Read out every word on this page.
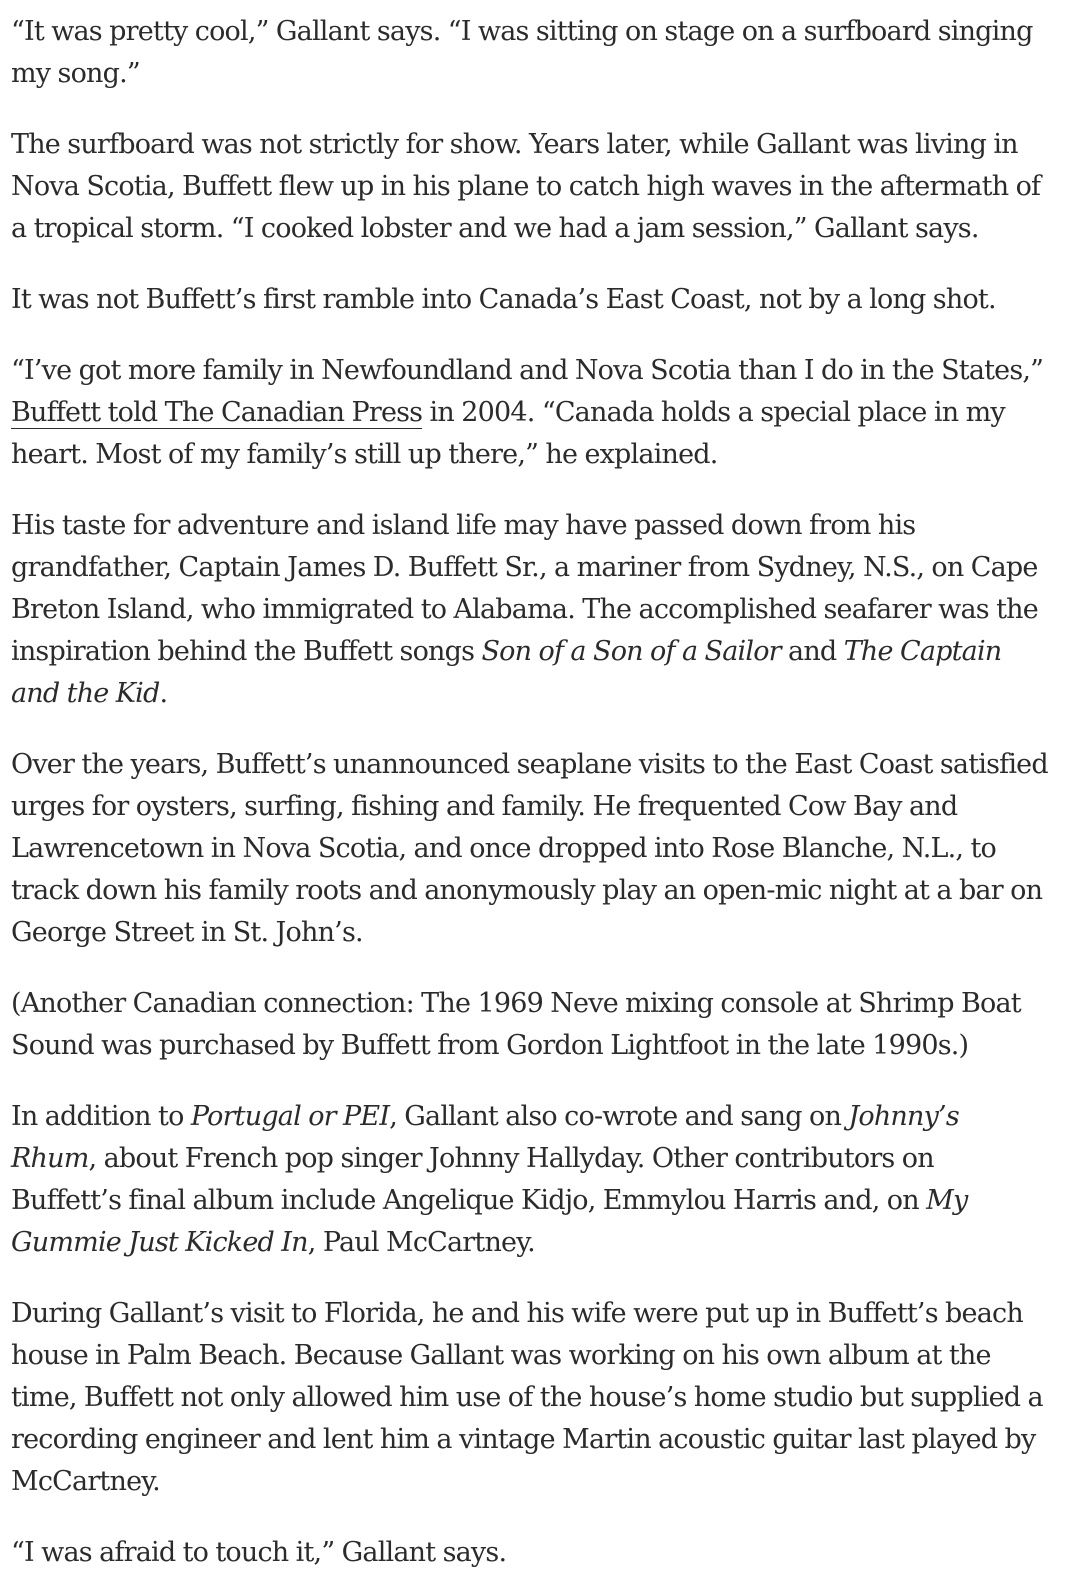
“It was pretty cool,” Gallant says. “I was sitting on stage on a surfboard singing my song.”

The surfboard was not strictly for show. Years later, while Gallant was living in Nova Scotia, Buffett flew up in his plane to catch high waves in the aftermath of a tropical storm. “I cooked lobster and we had a jam session,” Gallant says.

It was not Buffett’s first ramble into Canada’s East Coast, not by a long shot.

“I’ve got more family in Newfoundland and Nova Scotia than I do in the States,” Buffett told The Canadian Press in 2004. “Canada holds a special place in my heart. Most of my family’s still up there,” he explained.

His taste for adventure and island life may have passed down from his grandfather, Captain James D. Buffett Sr., a mariner from Sydney, N.S., on Cape Breton Island, who immigrated to Alabama. The accomplished seafarer was the inspiration behind the Buffett songs Son of a Son of a Sailor and The Captain and the Kid.

Over the years, Buffett’s unannounced seaplane visits to the East Coast satisfied urges for oysters, surfing, fishing and family. He frequented Cow Bay and Lawrencetown in Nova Scotia, and once dropped into Rose Blanche, N.L., to track down his family roots and anonymously play an open-mic night at a bar on George Street in St. John’s.

(Another Canadian connection: The 1969 Neve mixing console at Shrimp Boat Sound was purchased by Buffett from Gordon Lightfoot in the late 1990s.)

In addition to Portugal or PEI, Gallant also co-wrote and sang on Johnny’s Rhum, about French pop singer Johnny Hallyday. Other contributors on Buffett’s final album include Angelique Kidjo, Emmylou Harris and, on My Gummie Just Kicked In, Paul McCartney.

During Gallant’s visit to Florida, he and his wife were put up in Buffett’s beach house in Palm Beach. Because Gallant was working on his own album at the time, Buffett not only allowed him use of the house’s home studio but supplied a recording engineer and lent him a vintage Martin acoustic guitar last played by McCartney.

“I was afraid to touch it,” Gallant says.
